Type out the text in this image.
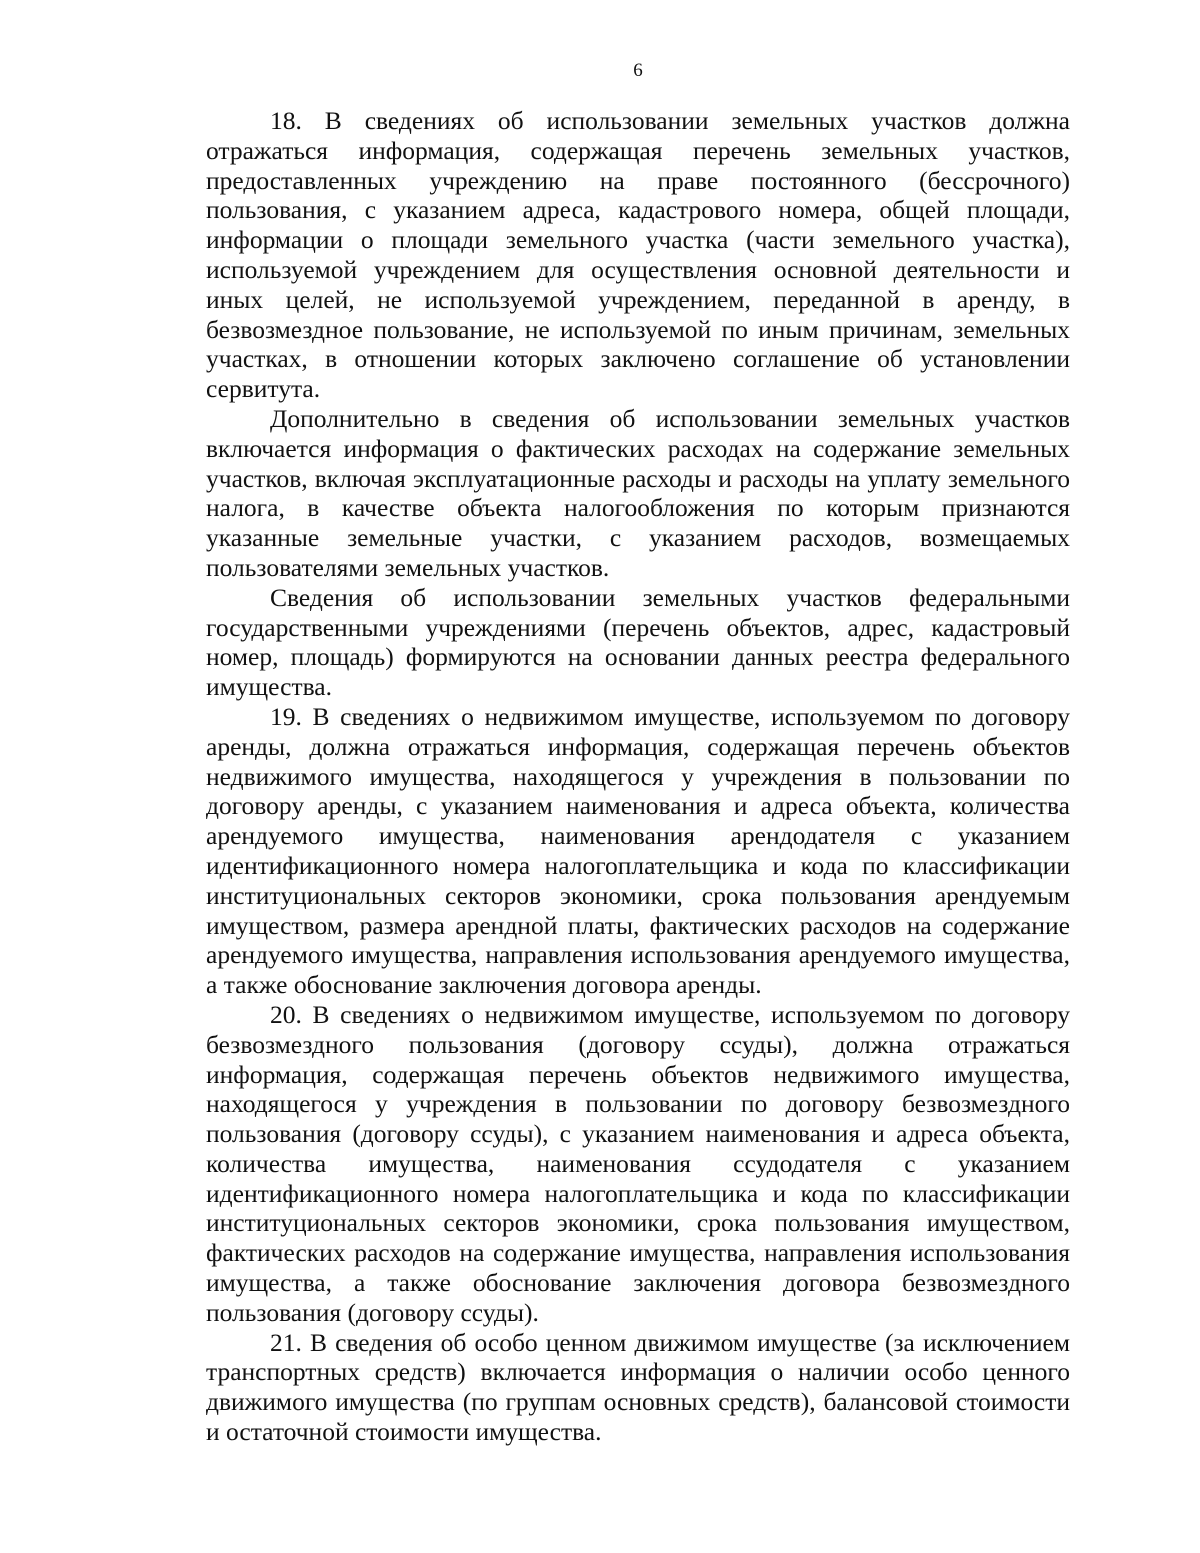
6

18. В сведениях об использовании земельных участков должна отражаться информация, содержащая перечень земельных участков, предоставленных учреждению на праве постоянного (бессрочного) пользования, с указанием адреса, кадастрового номера, общей площади, информации о площади земельного участка (части земельного участка), используемой учреждением для осуществления основной деятельности и иных целей, не используемой учреждением, переданной в аренду, в безвозмездное пользование, не используемой по иным причинам, земельных участках, в отношении которых заключено соглашение об установлении сервитута.

Дополнительно в сведения об использовании земельных участков включается информация о фактических расходах на содержание земельных участков, включая эксплуатационные расходы и расходы на уплату земельного налога, в качестве объекта налогообложения по которым признаются указанные земельные участки, с указанием расходов, возмещаемых пользователями земельных участков.

Сведения об использовании земельных участков федеральными государственными учреждениями (перечень объектов, адрес, кадастровый номер, площадь) формируются на основании данных реестра федерального имущества.

19. В сведениях о недвижимом имуществе, используемом по договору аренды, должна отражаться информация, содержащая перечень объектов недвижимого имущества, находящегося у учреждения в пользовании по договору аренды, с указанием наименования и адреса объекта, количества арендуемого имущества, наименования арендодателя с указанием идентификационного номера налогоплательщика и кода по классификации институциональных секторов экономики, срока пользования арендуемым имуществом, размера арендной платы, фактических расходов на содержание арендуемого имущества, направления использования арендуемого имущества, а также обоснование заключения договора аренды.

20. В сведениях о недвижимом имуществе, используемом по договору безвозмездного пользования (договору ссуды), должна отражаться информация, содержащая перечень объектов недвижимого имущества, находящегося у учреждения в пользовании по договору безвозмездного пользования (договору ссуды), с указанием наименования и адреса объекта, количества имущества, наименования ссудодателя с указанием идентификационного номера налогоплательщика и кода по классификации институциональных секторов экономики, срока пользования имуществом, фактических расходов на содержание имущества, направления использования имущества, а также обоснование заключения договора безвозмездного пользования (договору ссуды).

21. В сведения об особо ценном движимом имуществе (за исключением транспортных средств) включается информация о наличии особо ценного движимого имущества (по группам основных средств), балансовой стоимости и остаточной стоимости имущества.
